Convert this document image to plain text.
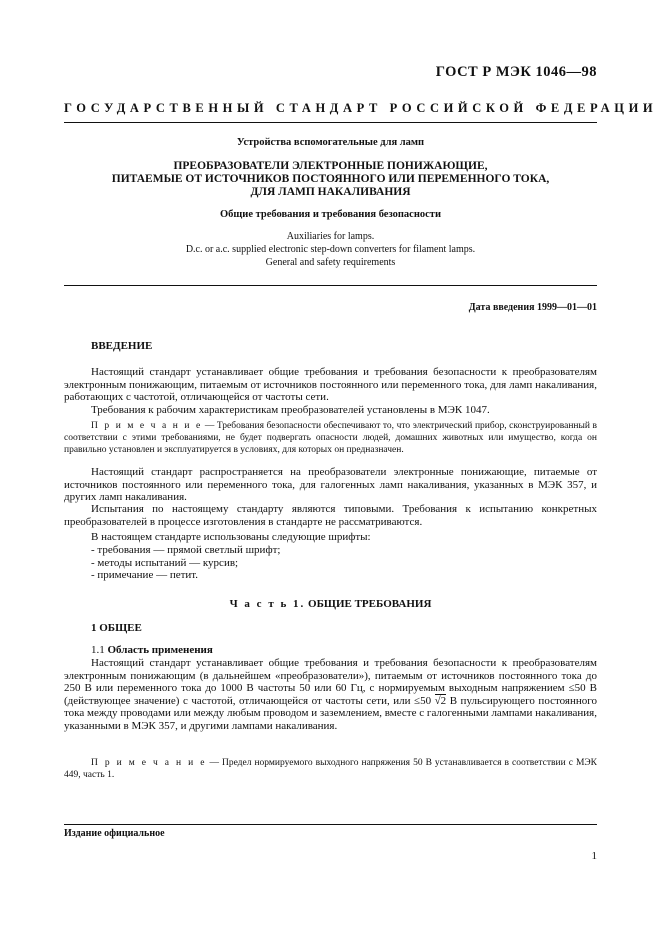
ГОСТ Р МЭК 1046—98
ГОСУДАРСТВЕННЫЙ СТАНДАРТ РОССИЙСКОЙ ФЕДЕРАЦИИ
Устройства вспомогательные для ламп
ПРЕОБРАЗОВАТЕЛИ ЭЛЕКТРОННЫЕ ПОНИЖАЮЩИЕ,
ПИТАЕМЫЕ ОТ ИСТОЧНИКОВ ПОСТОЯННОГО ИЛИ ПЕРЕМЕННОГО ТОКА,
ДЛЯ ЛАМП НАКАЛИВАНИЯ
Общие требования и требования безопасности
Auxiliaries for lamps.
D.c. or a.c. supplied electronic step-down converters for filament lamps.
General and safety requirements
Дата введения 1999—01—01
ВВЕДЕНИЕ
Настоящий стандарт устанавливает общие требования и требования безопасности к преобразователям электронным понижающим, питаемым от источников постоянного или переменного тока, для ламп накаливания, работающих с частотой, отличающейся от частоты сети.
Требования к рабочим характеристикам преобразователей установлены в МЭК 1047.
П р и м е ч а н и е — Требования безопасности обеспечивают то, что электрический прибор, сконструированный в соответствии с этими требованиями, не будет подвергать опасности людей, домашних животных или имущество, когда он правильно установлен и эксплуатируется в условиях, для которых он предназначен.
Настоящий стандарт распространяется на преобразователи электронные понижающие, питаемые от источников постоянного или переменного тока, для галогенных ламп накаливания, указанных в МЭК 357, и других ламп накаливания.
Испытания по настоящему стандарту являются типовыми. Требования к испытанию конкретных преобразователей в процессе изготовления в стандарте не рассматриваются.
В настоящем стандарте использованы следующие шрифты:
- требования — прямой светлый шрифт;
- методы испытаний — курсив;
- примечание — петит.
Ч а с т ь 1. ОБЩИЕ ТРЕБОВАНИЯ
1 ОБЩЕЕ
1.1 Область применения
Настоящий стандарт устанавливает общие требования и требования безопасности к преобразователям электронным понижающим (в дальнейшем «преобразователи»), питаемым от источников постоянного тока до 250 В или переменного тока до 1000 В частоты 50 или 60 Гц, с нормируемым выходным напряжением ≤50 В (действующее значение) с частотой, отличающейся от частоты сети, или ≤50 √2 В пульсирующего постоянного тока между проводами или между любым проводом и заземлением, вместе с галогенными лампами накаливания, указанными в МЭК 357, и другими лампами накаливания.
П р и м е ч а н и е — Предел нормируемого выходного напряжения 50 В устанавливается в соответствии с МЭК 449, часть 1.
Издание официальное
1
